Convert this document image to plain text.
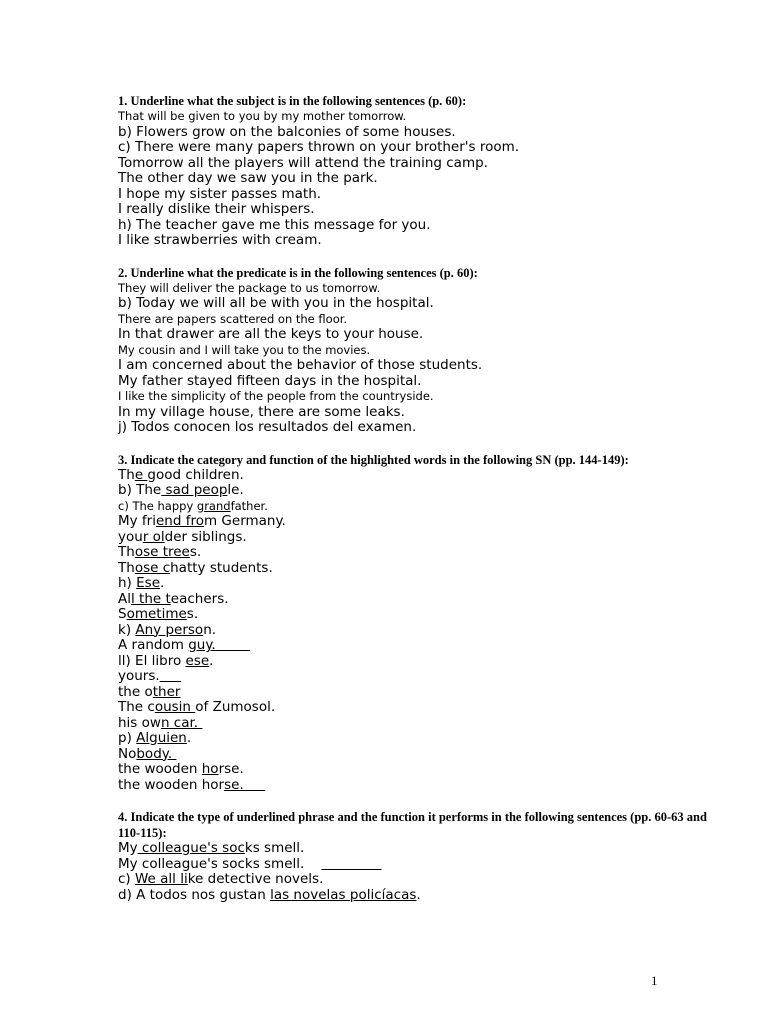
1. Underline what the subject is in the following sentences (p. 60):

That will be given to you by my mother tomorrow.

b) Flowers grow on the balconies of some houses.

c) There were many papers thrown on your brother's room.

Tomorrow all the players will attend the training camp.

The other day we saw you in the park.

I hope my sister passes math.

I really dislike their whispers.

h) The teacher gave me this message for you.

I like strawberries with cream.

2. Underline what the predicate is in the following sentences (p. 60):

They will deliver the package to us tomorrow.

b) Today we will all be with you in the hospital.

There are papers scattered on the floor.

In that drawer are all the keys to your house.

My cousin and I will take you to the movies.

I am concerned about the behavior of those students.

My father stayed fifteen days in the hospital.

I like the simplicity of the people from the countryside.

In my village house, there are some leaks.

j) Todos conocen los resultados del examen.

3. Indicate the category and function of the highlighted words in the following SN (pp. 144-149):

The good children.

b) The sad people.

c) The happy grandfather.

My friend from Germany.

your older siblings.

Those trees.

Those chatty students.

h) Ese.

All the teachers.

Sometimes.

k) Any person.

A random guy.

ll) El libro ese.

yours.

the other

The cousin of Zumosol.

his own car.

p) Alguien.

Nobody.

the wooden horse.

the wooden horse.

4. Indicate the type of underlined phrase and the function it performs in the following sentences (pp. 60-63 and 110-115):

My colleague's socks smell.

My colleague's socks smell.

c) We all like detective novels.

d) A todos nos gustan las novelas policíacas.

1
